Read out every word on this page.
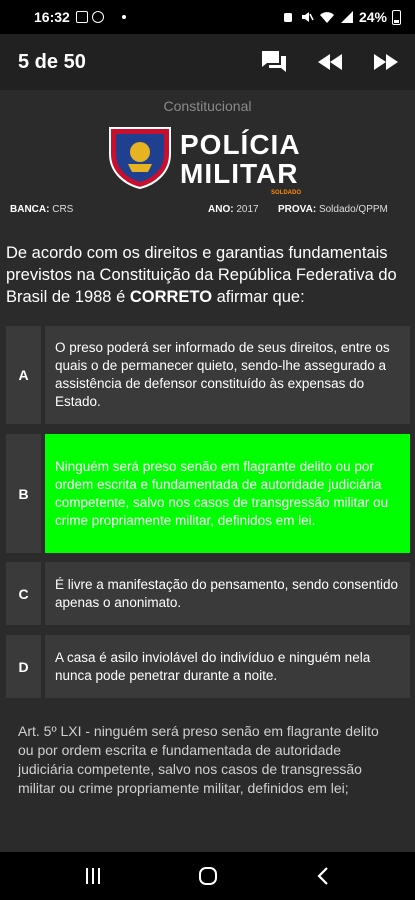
16:32	24%
5 de 50
Constitucional
POLÍCIA
MILITAR
SOLDADO
BANCA: CRS	ANO: 2017 PROVA: Soldado/QPPM
De acordo com os direitos e garantias fundamentais previstos na Constituição da República Federativa do Brasil de 1988 é CORRETO afirmar que:
A
O preso poderá ser informado de seus direitos, entre os quais o de permanecer quieto, sendo-lhe assegurado a assistência de defensor constituído às expensas do Estado.
B
Ninguém será preso senão em flagrante delito ou por ordem escrita e fundamentada de autoridade judiciária competente, salvo nos casos de transgressão militar ou crime propriamente militar, definidos em lei.
C
É livre a manifestação do pensamento, sendo consentido apenas o anonimato.
D
A casa é asilo inviolável do indivíduo e ninguém nela nunca pode penetrar durante a noite.
Art. 5º LXI - ninguém será preso senão em flagrante delito ou por ordem escrita e fundamentada de autoridade judiciária competente, salvo nos casos de transgressão militar ou crime propriamente militar, definidos em lei;
